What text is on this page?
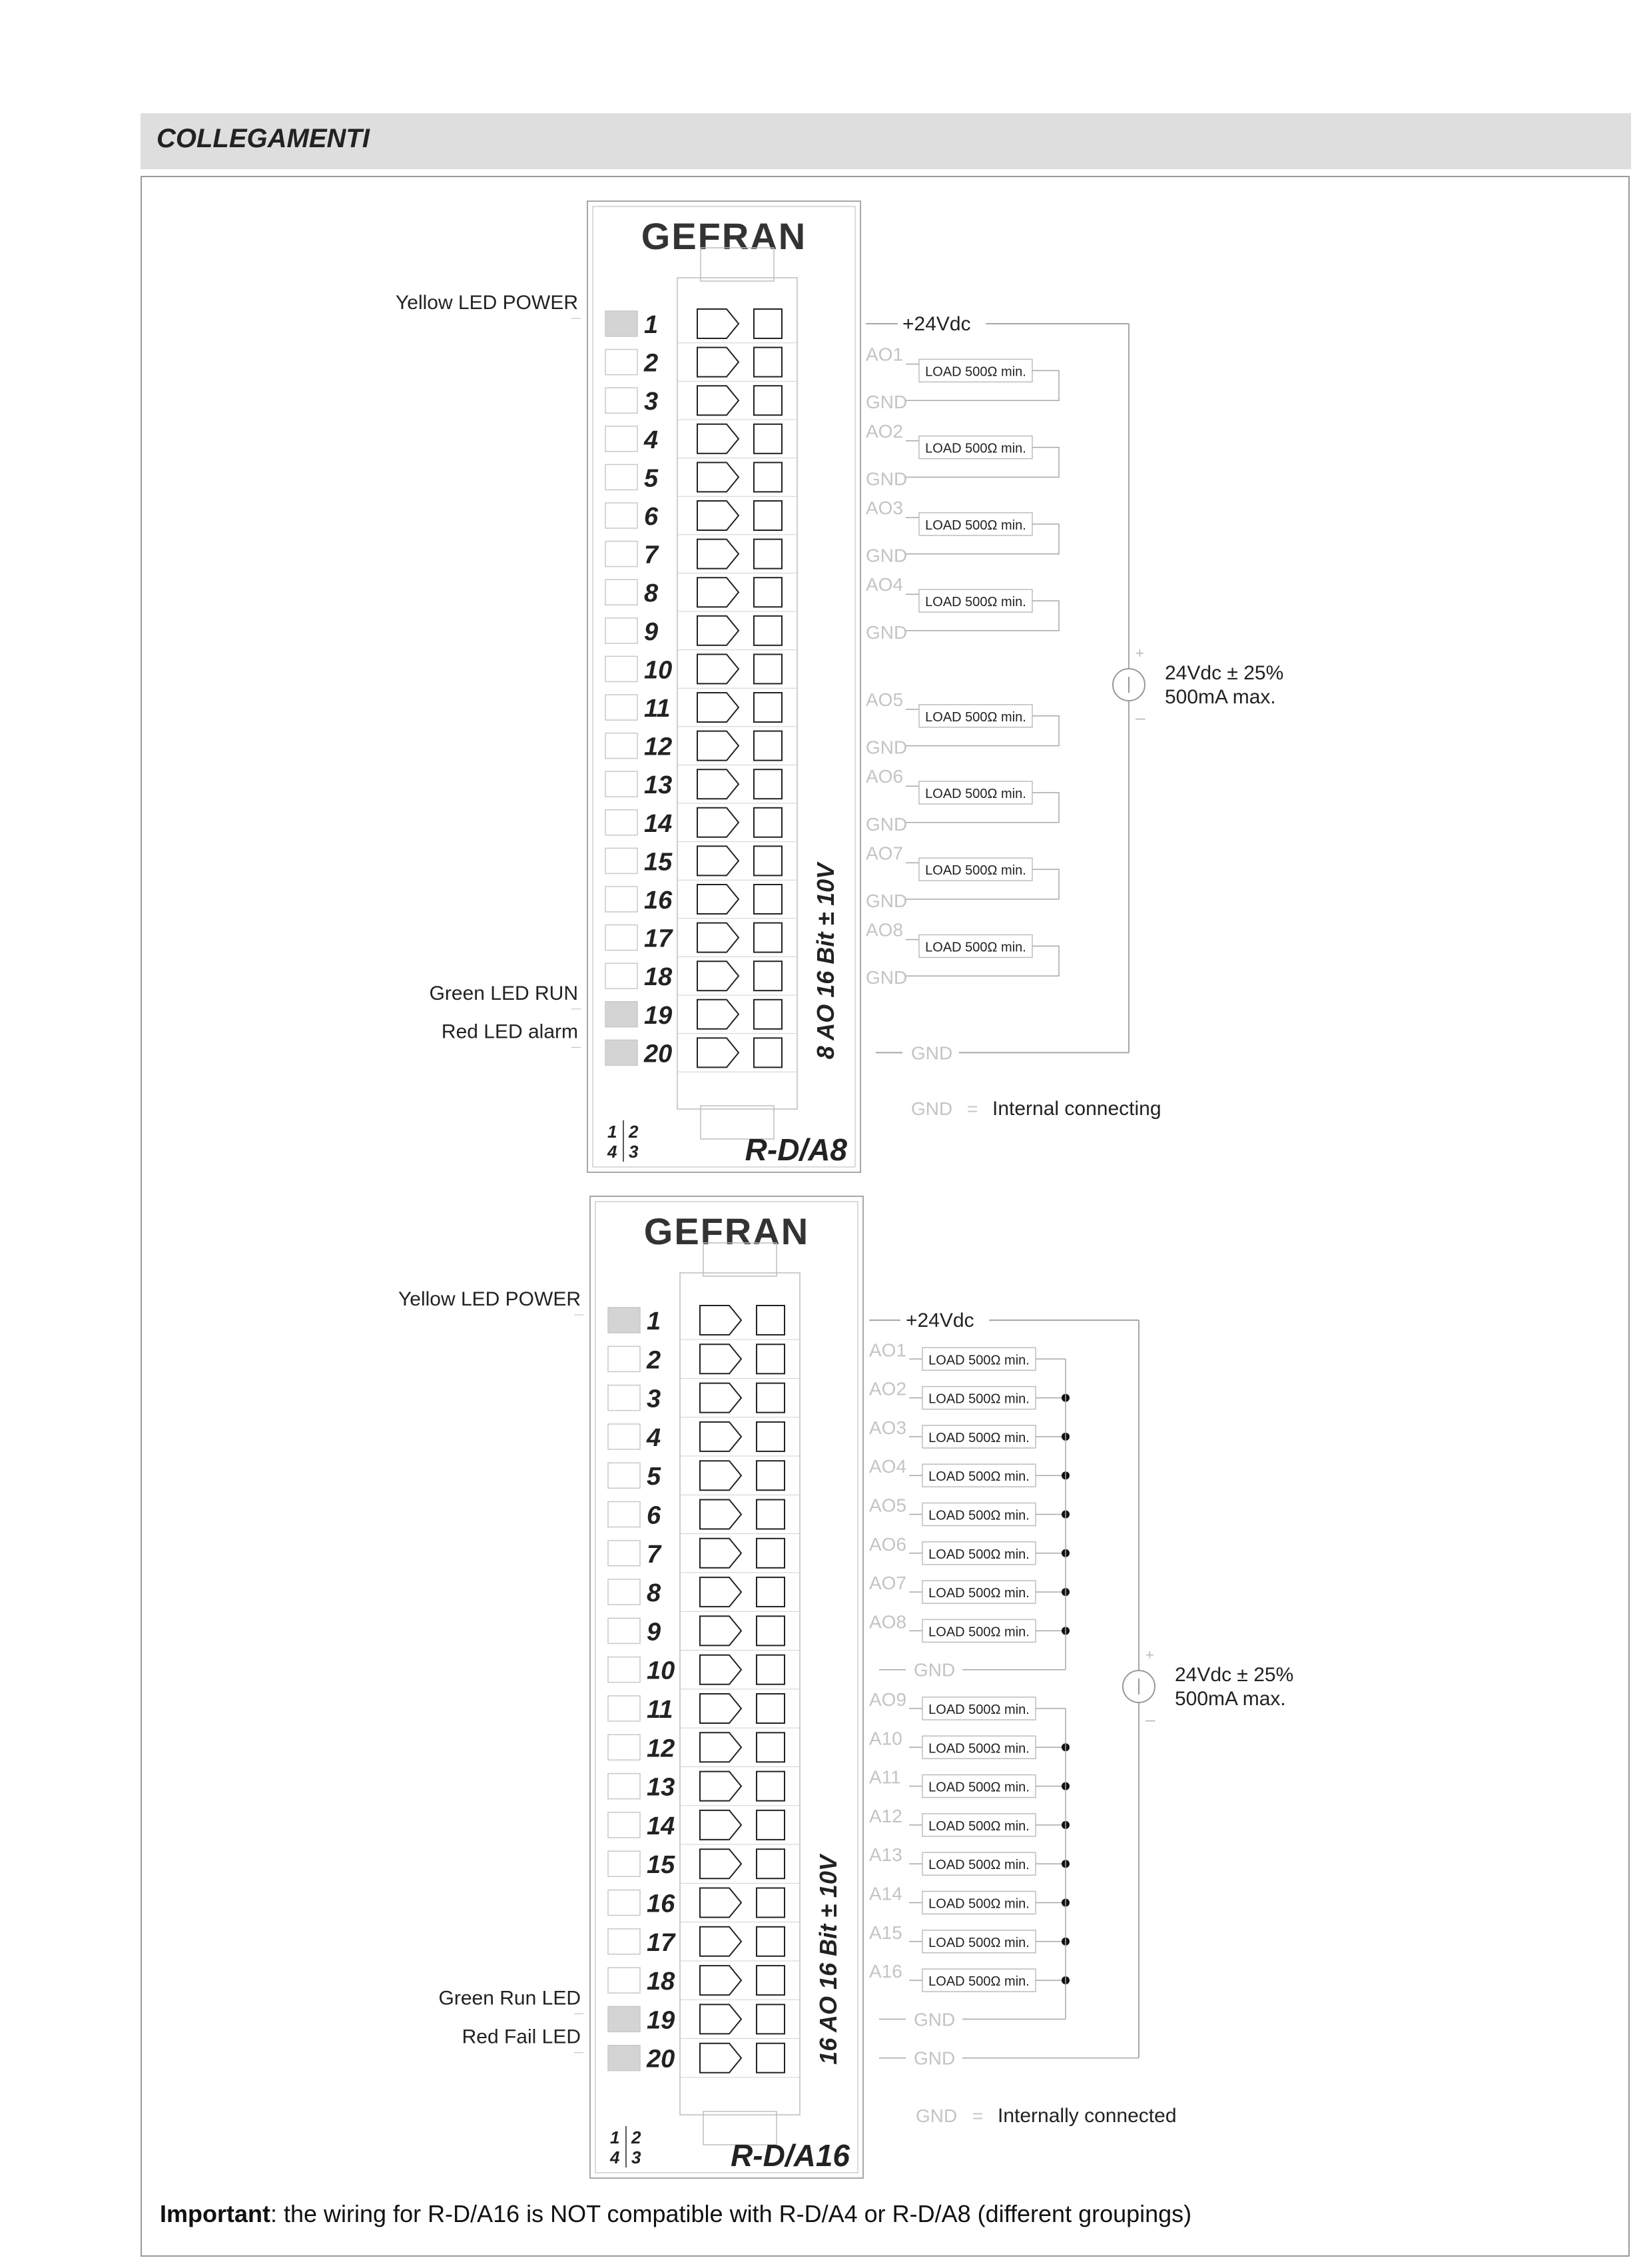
COLLEGAMENTI
GEFRAN
1
2
3
4
5
6
7
8
9
10
11
12
13
14
15
16
17
18
19
20	8 AO 16 Bit ± 10V
R-D/A8
1 2
4 3
Yellow LED POWER
Green LED RUN
Red LED alarm
+24Vdc
AO1
GND
LOAD 500Ω min.
AO2
GND
LOAD 500Ω min.
AO3
GND
LOAD 500Ω min.
AO4
GND
LOAD 500Ω min.
AO5
GND
LOAD 500Ω min.
AO6
GND
LOAD 500Ω min.
AO7
GND
LOAD 500Ω min.
AO8
GND
LOAD 500Ω min.
GND
+
–
24Vdc ± 25%
500mA max.
GND = Internal connecting
GEFRAN
1
2
3
4
5
6
7
8
9
10
11
12
13
14
15
16
17
18
19
20	16 AO 16 Bit ± 10V
R-D/A16
1 2
4 3
Yellow LED POWER
Green Run LED
Red Fail LED
+24Vdc
AO1 LOAD 500Ω min.
AO2 LOAD 500Ω min.
AO3 LOAD 500Ω min.
AO4 LOAD 500Ω min.
AO5 LOAD 500Ω min.
AO6 LOAD 500Ω min.
AO7 LOAD 500Ω min.
AO8 LOAD 500Ω min.
AO9 LOAD 500Ω min.
A10 LOAD 500Ω min.
A11 LOAD 500Ω min.
A12 LOAD 500Ω min.
A13 LOAD 500Ω min.
A14 LOAD 500Ω min.
A15 LOAD 500Ω min.
A16 LOAD 500Ω min.
GND
GND
GND
+
–
24Vdc ± 25%
500mA max.
GND = Internally connected
Important: the wiring for R-D/A16 is NOT compatible with R-D/A4 or R-D/A8 (different groupings)
